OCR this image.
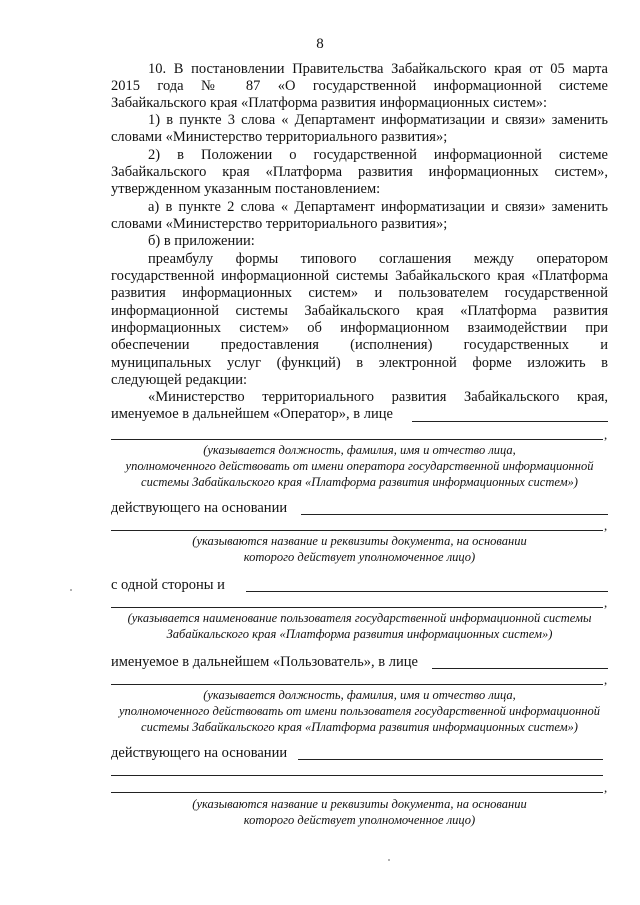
8
10. В постановлении Правительства Забайкальского края от 05 марта
2015 года № 87 «О государственной информационной системе
Забайкальского края «Платформа развития информационных систем»:
1) в пункте 3 слова « Департамент информатизации и связи» заменить
словами «Министерство территориального развития»;
2) в Положении о государственной информационной системе
Забайкальского края «Платформа развития информационных систем»,
утвержденном указанным постановлением:
а) в пункте 2 слова « Департамент информатизации и связи» заменить
словами «Министерство территориального развития»;
б) в приложении:
преамбулу формы типового соглашения между оператором
государственной информационной системы Забайкальского края «Платформа
развития информационных систем» и пользователем государственной
информационной системы Забайкальского края «Платформа развития
информационных систем» об информационном взаимодействии при
обеспечении предоставления (исполнения) государственных и
муниципальных услуг (функций) в электронной форме изложить в
следующей редакции:
«Министерство территориального развития Забайкальского края,
именуемое в дальнейшем «Оператор», в лице
,
(указывается должность, фамилия, имя и отчество лица,
уполномоченного действовать от имени оператора государственной информационной
системы Забайкальского края «Платформа развития информационных систем»)
действующего на основании
,
(указываются название и реквизиты документа, на основании
которого действует уполномоченное лицо)
с одной стороны и
,
(указывается наименование пользователя государственной информационной системы
Забайкальского края «Платформа развития информационных систем»)
именуемое в дальнейшем «Пользователь», в лице
,
(указывается должность, фамилия, имя и отчество лица,
уполномоченного действовать от имени пользователя государственной информационной
системы Забайкальского края «Платформа развития информационных систем»)
действующего на основании
,
(указываются название и реквизиты документа, на основании
которого действует уполномоченное лицо)
